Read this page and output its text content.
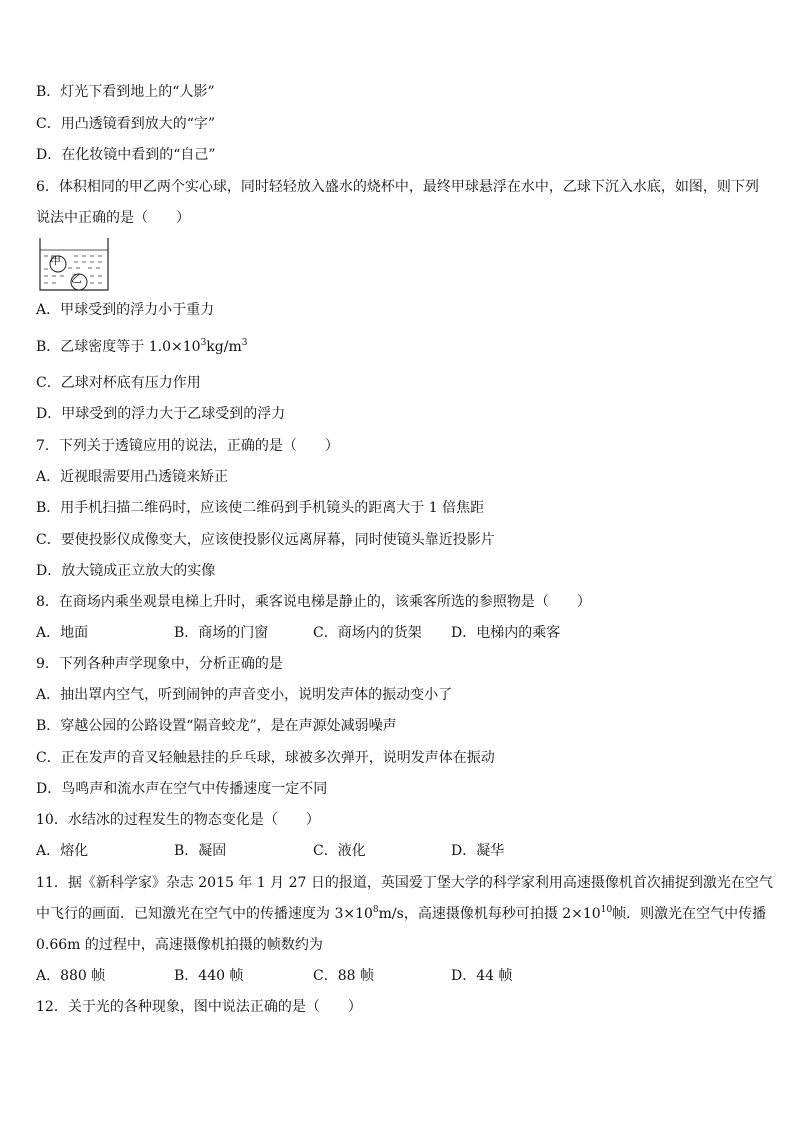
B．灯光下看到地上的“人影”
C．用凸透镜看到放大的“字”
D．在化妆镜中看到的“自己”
6．体积相同的甲乙两个实心球，同时轻轻放入盛水的烧杯中，最终甲球悬浮在水中，乙球下沉入水底，如图，则下列
说法中正确的是（　　）
甲
乙
A．甲球受到的浮力小于重力
B．乙球密度等于 $1.0\times 10^3kg/m^3$
C．乙球对杯底有压力作用
D．甲球受到的浮力大于乙球受到的浮力
7．下列关于透镜应用的说法，正确的是（　　）
A．近视眼需要用凸透镜来矫正
B．用手机扫描二维码时，应该使二维码到手机镜头的距离大于 1 倍焦距
C．要使投影仪成像变大，应该使投影仪远离屏幕，同时使镜头靠近投影片
D．放大镜成正立放大的实像
8．在商场内乘坐观景电梯上升时，乘客说电梯是静止的，该乘客所选的参照物是（　　）
A．地面	B．商场的门窗	C．商场内的货架 D．电梯内的乘客
9．下列各种声学现象中，分析正确的是
A．抽出罩内空气，听到闹钟的声音变小，说明发声体的振动变小了
B．穿越公园的公路设置“隔音蛟龙”，是在声源处减弱噪声
C．正在发声的音叉轻触悬挂的乒乓球，球被多次弹开，说明发声体在振动
D．鸟鸣声和流水声在空气中传播速度一定不同
10．水结冰的过程发生的物态变化是（　　）
A．熔化	B．凝固	C．液化	D．凝华
11．据《新科学家》杂志 2015 年 1 月 27 日的报道，英国爱丁堡大学的科学家利用高速摄像机首次捕捉到激光在空气
中飞行的画面．已知激光在空气中的传播速度为 $3\times 10^8m/s$，高速摄像机每秒可拍摄 $2\times 10^{10}$帧．则激光在空气中传播
0.66m 的过程中，高速摄像机拍摄的帧数约为
A．880 帧	B．440 帧	C．88 帧	D．44 帧
12．关于光的各种现象，图中说法正确的是（　　）
